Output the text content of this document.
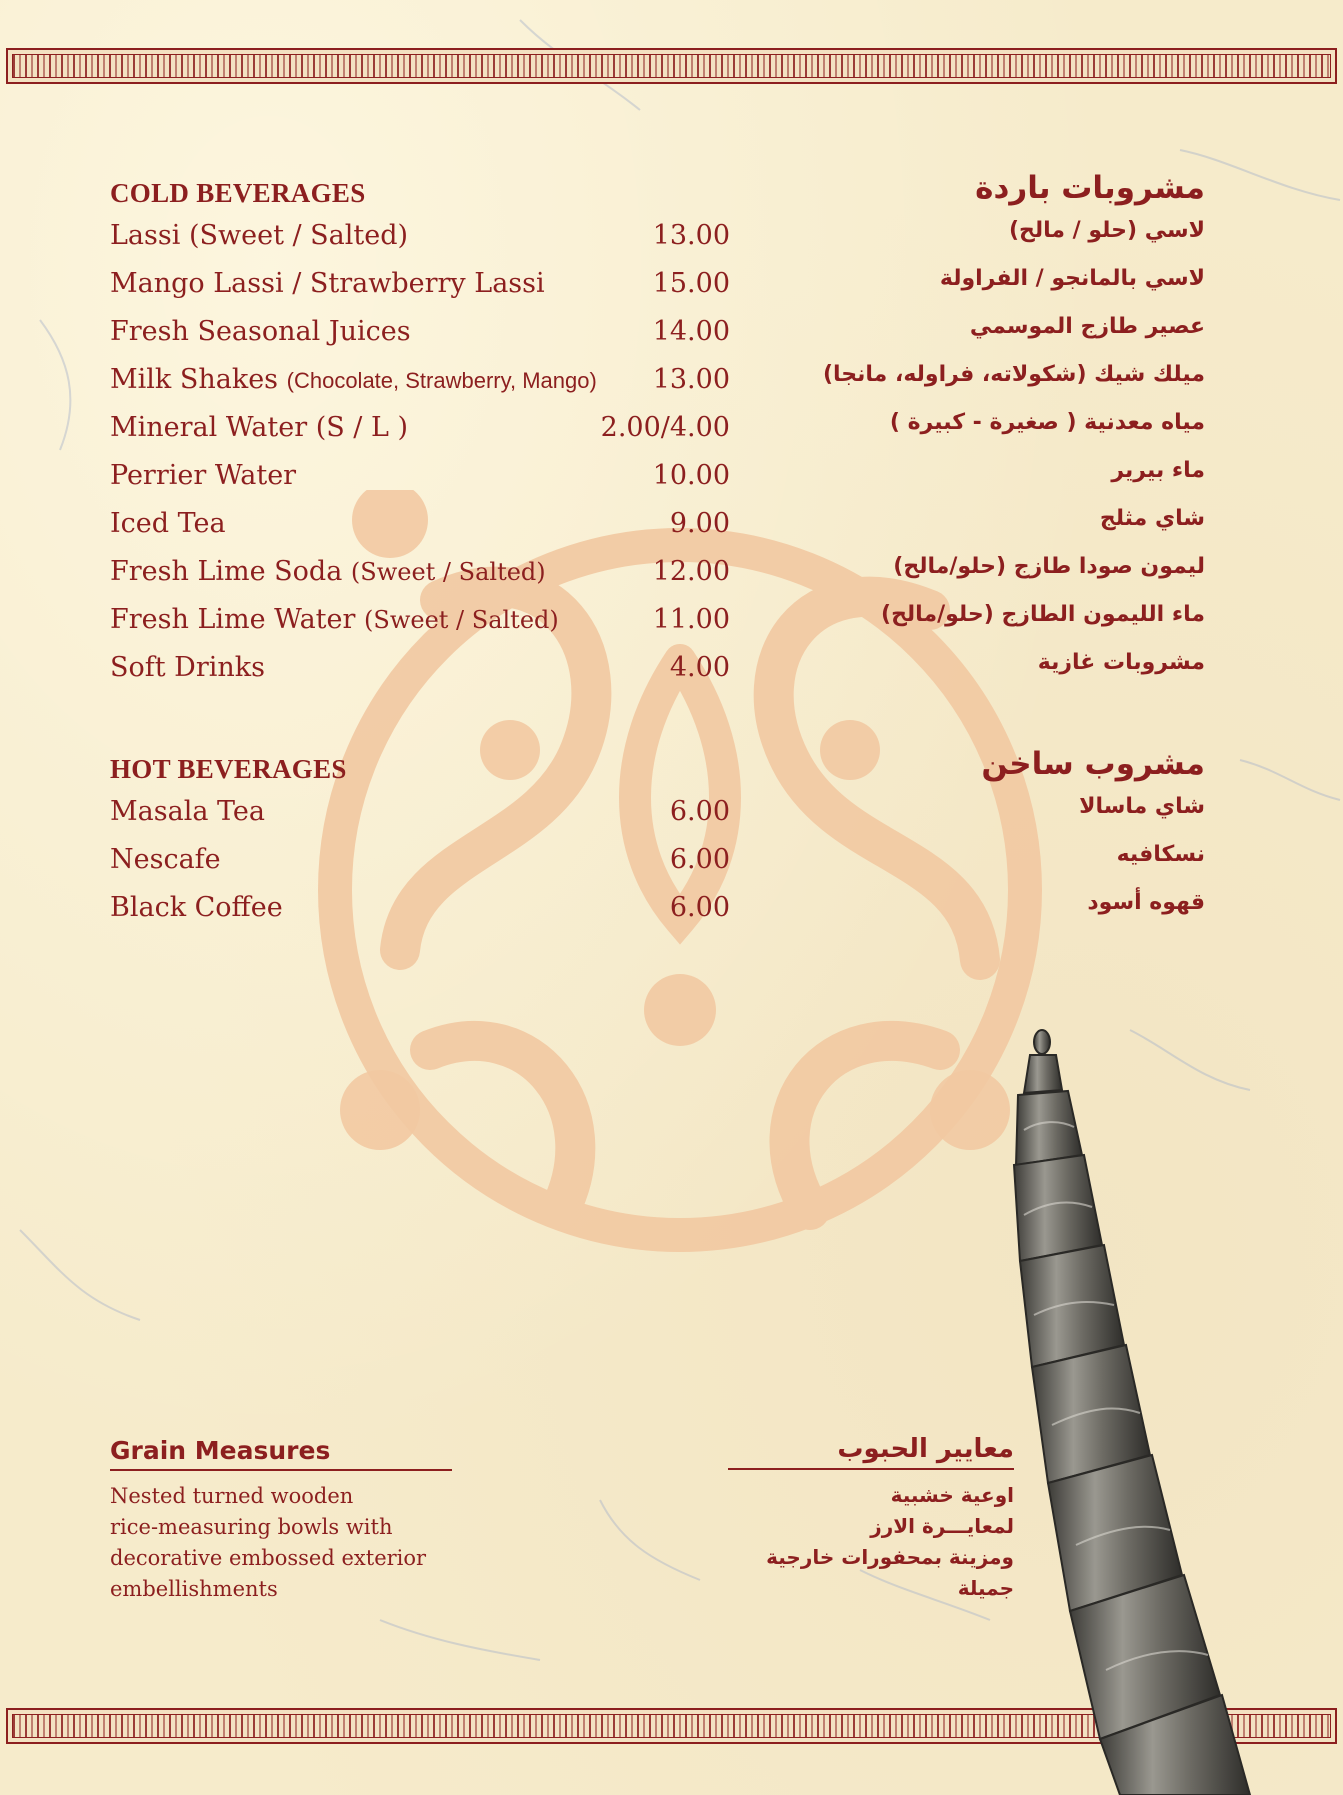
COLD BEVERAGES	مشروبات باردة
Lassi (Sweet / Salted)	13.00	لاسي (حلو / مالح)
Mango Lassi / Strawberry Lassi	15.00	لاسي بالمانجو / الفراولة
Fresh Seasonal Juices	14.00	عصير طازج الموسمي
Milk Shakes (Chocolate, Strawberry, Mango) 13.00	ميلك شيك (شكولاته، فراوله، مانجا)
Mineral Water (S / L )	2.00/4.00	مياه معدنية ( صغيرة - كبيرة )
Perrier Water	10.00	ماء بيرير
Iced Tea	9.00	شاي مثلج
Fresh Lime Soda (Sweet / Salted)	12.00	ليمون صودا طازج (حلو/مالح)
Fresh Lime Water (Sweet / Salted)	11.00	ماء الليمون الطازج (حلو/مالح)
Soft Drinks	4.00	مشروبات غازية
HOT BEVERAGES	مشروب ساخن
Masala Tea	6.00	شاي ماسالا
Nescafe	6.00	نسكافيه
Black Coffee	6.00	قهوه أسود
Grain Measures
Nested turned wooden
rice-measuring bowls with
decorative embossed exterior
embellishments
معايير الحبوب
اوعية خشبية
لمعايـــرة الارز
ومزينة بمحفورات خارجية
جميلة
